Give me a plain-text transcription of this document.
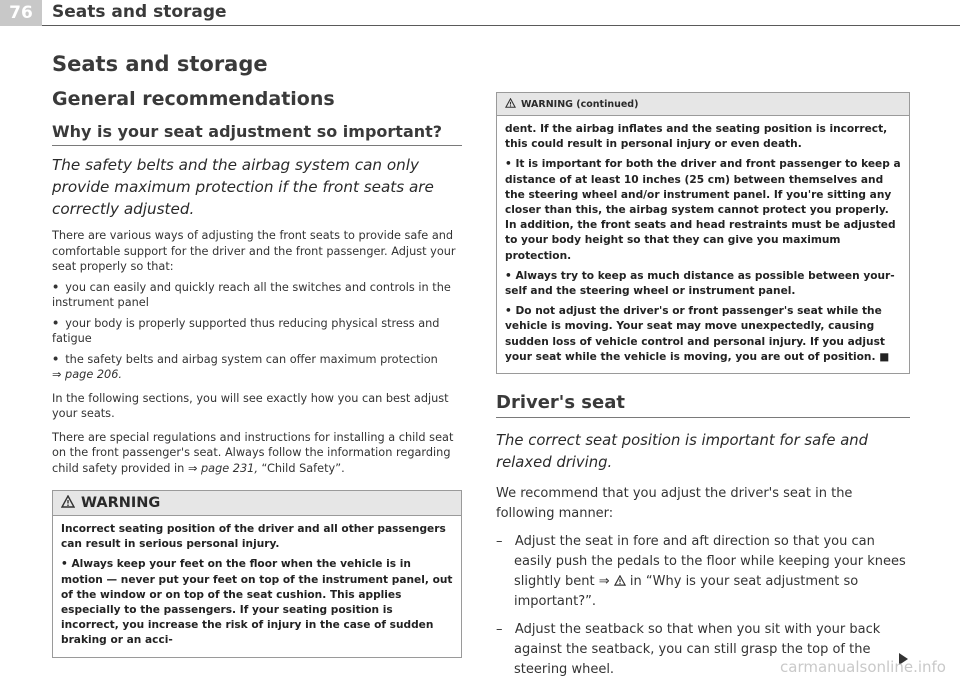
76	Seats and storage
Seats and storage
General recommendations
Why is your seat adjustment so important?
The safety belts and the airbag system can only provide maximum protection if the front seats are correctly adjusted.

There are various ways of adjusting the front seats to provide safe and comfortable support for the driver and the front passenger. Adjust your seat properly so that:

• you can easily and quickly reach all the switches and controls in the instrument panel
• your body is properly supported thus reducing physical stress and fatigue
• the safety belts and airbag system can offer maximum protection
⇒ page 206.

In the following sections, you will see exactly how you can best adjust your seats.

There are special regulations and instructions for installing a child seat on the front passenger's seat. Always follow the information regarding child safety provided in ⇒ page 231, “Child Safety”.

WARNING

Incorrect seating position of the driver and all other passengers can result in serious personal injury.

• Always keep your feet on the floor when the vehicle is in motion — never put your feet on top of the instrument panel, out of the window or on top of the seat cushion. This applies especially to the passengers. If your seating position is incorrect, you increase the risk of injury in the case of sudden braking or an acci-

WARNING (continued)

dent. If the airbag inflates and the seating position is incorrect, this could result in personal injury or even death.

• It is important for both the driver and front passenger to keep a distance of at least 10 inches (25 cm) between themselves and the steering wheel and/or instrument panel. If you're sitting any closer than this, the airbag system cannot protect you properly. In addition, the front seats and head restraints must be adjusted to your body height so that they can give you maximum protection.

• Always try to keep as much distance as possible between your-self and the steering wheel or instrument panel.

• Do not adjust the driver's or front passenger's seat while the vehicle is moving. Your seat may move unexpectedly, causing sudden loss of vehicle control and personal injury. If you adjust your seat while the vehicle is moving, you are out of position. ■

Driver's seat
The correct seat position is important for safe and relaxed driving.

We recommend that you adjust the driver's seat in the following manner:

– Adjust the seat in fore and aft direction so that you can easily push the pedals to the floor while keeping your knees slightly bent ⇒  in “Why is your seat adjustment so important?”.
– Adjust the seatback so that when you sit with your back against the seatback, you can still grasp the top of the steering wheel.	carmanualsonline.info
